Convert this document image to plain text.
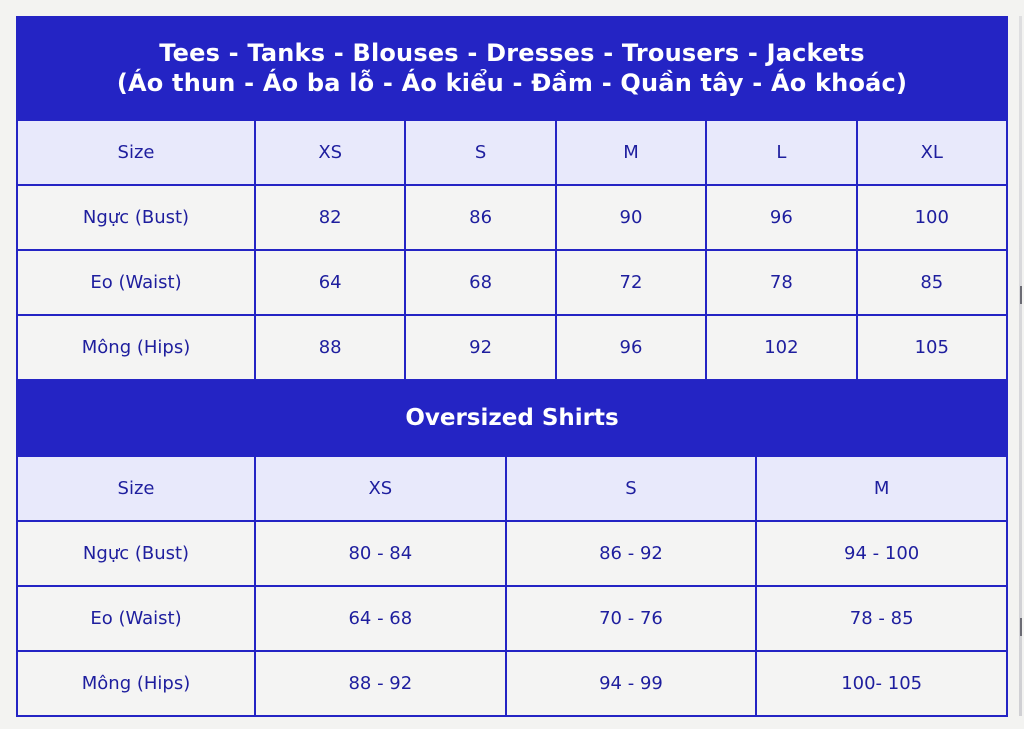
Tees - Tanks - Blouses - Dresses - Trousers - Jackets
(Áo thun - Áo ba lỗ - Áo kiểu - Đầm - Quần tây - Áo khoác)
Size	XS	S	M	L	XL
Ngực (Bust)	82	86	90	96	100
Eo (Waist)	64	68	72	78	85
Mông (Hips)	88	92	96	102	105
Oversized Shirts
Size	XS	S	M
Ngực (Bust)	80 - 84	86 - 92	94 - 100
Eo (Waist)	64 - 68	70 - 76	78 - 85
Mông (Hips)	88 - 92	94 - 99	100- 105
